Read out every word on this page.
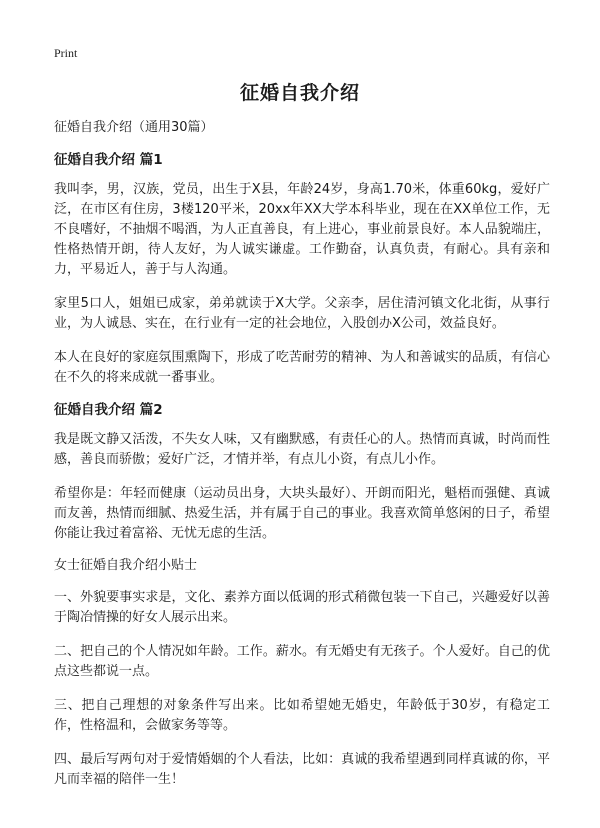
Print
征婚自我介绍

征婚自我介绍（通用30篇）

征婚自我介绍 篇1

我叫李，男，汉族，党员，出生于X县，年龄24岁，身高1.70米，体重60kg，爱好广泛，在市区有住房，3楼120平米，20xx年XX大学本科毕业，现在在XX单位工作，无不良嗜好，不抽烟不喝酒，为人正直善良，有上进心，事业前景良好。本人品貌端庄，性格热情开朗，待人友好，为人诚实谦虚。工作勤奋，认真负责，有耐心。具有亲和力，平易近人，善于与人沟通。

家里5口人，姐姐已成家，弟弟就读于X大学。父亲李，居住清河镇文化北街，从事行业，为人诚恳、实在，在行业有一定的社会地位，入股创办X公司，效益良好。

本人在良好的家庭氛围熏陶下，形成了吃苦耐劳的精神、为人和善诚实的品质，有信心在不久的将来成就一番事业。

征婚自我介绍 篇2

我是既文静又活泼，不失女人味，又有幽默感，有责任心的人。热情而真诚，时尚而性感，善良而骄傲；爱好广泛，才情并举，有点儿小资，有点儿小作。

希望你是：年轻而健康（运动员出身，大块头最好）、开朗而阳光，魁梧而强健、真诚而友善，热情而细腻、热爱生活，并有属于自己的事业。我喜欢简单悠闲的日子，希望你能让我过着富裕、无忧无虑的生活。

女士征婚自我介绍小贴士

一、外貌要事实求是，文化、素养方面以低调的形式稍微包装一下自己，兴趣爱好以善于陶冶情操的好女人展示出来。

二、把自己的个人情况如年龄。工作。薪水。有无婚史有无孩子。个人爱好。自己的优点这些都说一点。

三、把自己理想的对象条件写出来。比如希望她无婚史，年龄低于30岁，有稳定工作，性格温和，会做家务等等。

四、最后写两句对于爱情婚姻的个人看法，比如：真诚的我希望遇到同样真诚的你，平凡而幸福的陪伴一生！
